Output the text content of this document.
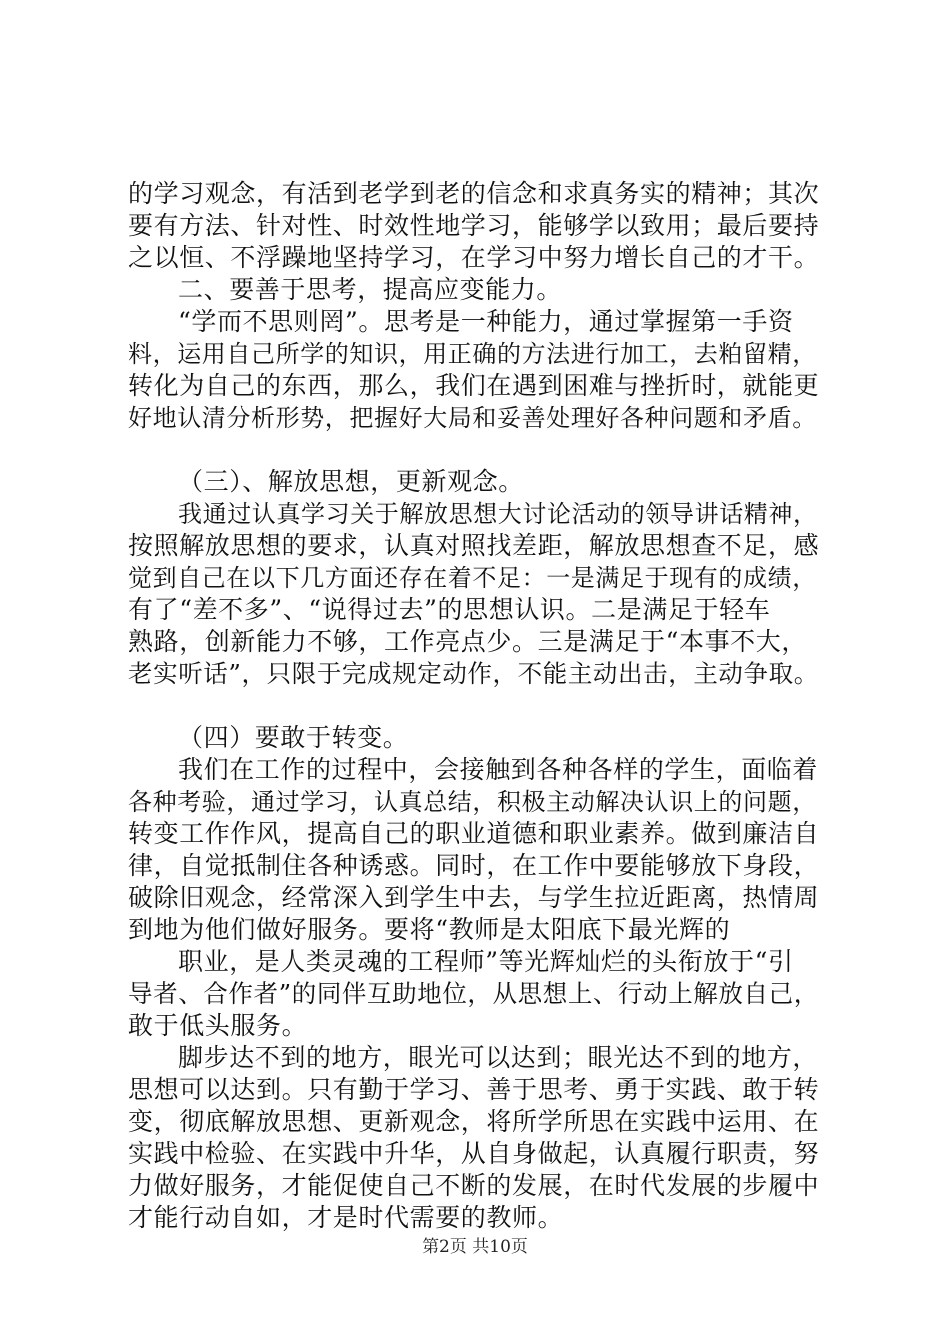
的学习观念，有活到老学到老的信念和求真务实的精神；其次
要有方法、针对性、时效性地学习，能够学以致用；最后要持
之以恒、不浮躁地坚持学习，在学习中努力增长自己的才干。
二、要善于思考，提高应变能力。
“学而不思则罔”。思考是一种能力，通过掌握第一手资
料，运用自己所学的知识，用正确的方法进行加工，去粕留精，
转化为自己的东西，那么，我们在遇到困难与挫折时，就能更
好地认清分析形势，把握好大局和妥善处理好各种问题和矛盾。
（三）、解放思想，更新观念。
我通过认真学习关于解放思想大讨论活动的领导讲话精神，
按照解放思想的要求，认真对照找差距，解放思想查不足，感
觉到自己在以下几方面还存在着不足：一是满足于现有的成绩，
有了“差不多”、“说得过去”的思想认识。二是满足于轻车
熟路，创新能力不够，工作亮点少。三是满足于“本事不大，
老实听话”，只限于完成规定动作，不能主动出击，主动争取。
（四）要敢于转变。
我们在工作的过程中，会接触到各种各样的学生，面临着
各种考验，通过学习，认真总结，积极主动解决认识上的问题，
转变工作作风，提高自己的职业道德和职业素养。做到廉洁自
律，自觉抵制住各种诱惑。同时，在工作中要能够放下身段，
破除旧观念，经常深入到学生中去，与学生拉近距离，热情周
到地为他们做好服务。要将“教师是太阳底下最光辉的
职业，是人类灵魂的工程师”等光辉灿烂的头衔放于“引
导者、合作者”的同伴互助地位，从思想上、行动上解放自己，
敢于低头服务。
脚步达不到的地方，眼光可以达到；眼光达不到的地方，
思想可以达到。只有勤于学习、善于思考、勇于实践、敢于转
变，彻底解放思想、更新观念，将所学所思在实践中运用、在
实践中检验、在实践中升华，从自身做起，认真履行职责，努
力做好服务，才能促使自己不断的发展，在时代发展的步履中
才能行动自如，才是时代需要的教师。
第2页 共10页
